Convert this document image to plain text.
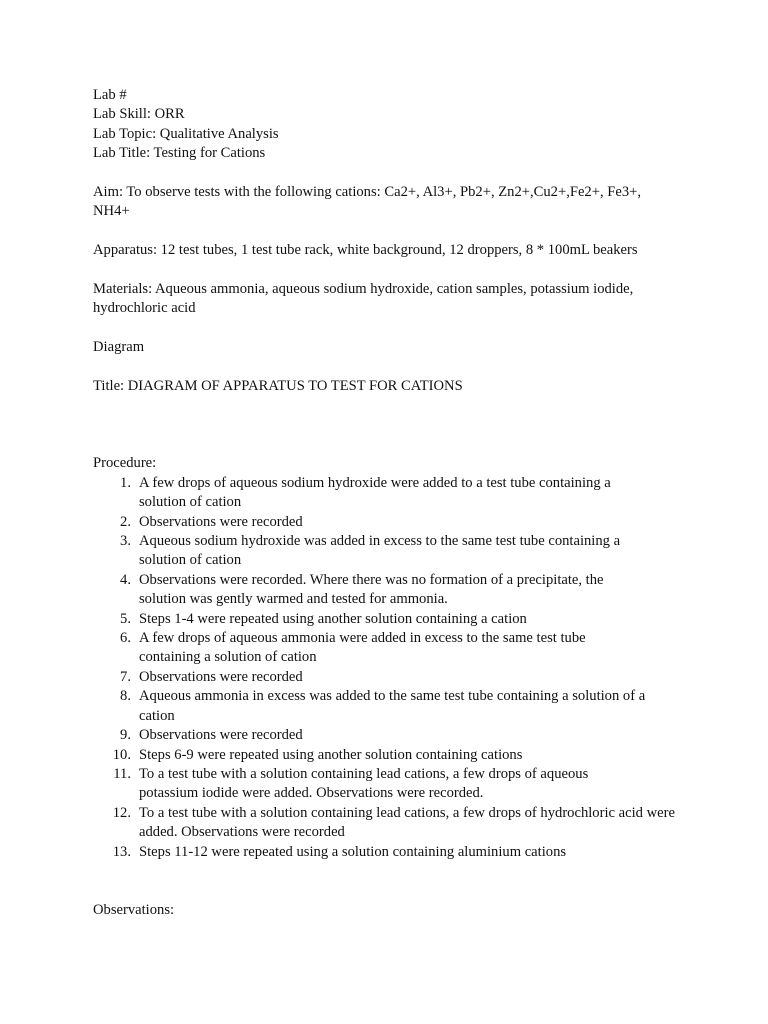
Lab #
Lab Skill: ORR
Lab Topic: Qualitative Analysis
Lab Title: Testing for Cations
Aim: To observe tests with the following cations: Ca2+, Al3+, Pb2+, Zn2+,Cu2+,Fe2+, Fe3+, NH4+
Apparatus: 12 test tubes, 1 test tube rack, white background, 12 droppers, 8 * 100mL beakers
Materials: Aqueous ammonia, aqueous sodium hydroxide, cation samples, potassium iodide, hydrochloric acid
Diagram
Title: DIAGRAM OF APPARATUS TO TEST FOR CATIONS
Procedure:
1. A few drops of aqueous sodium hydroxide were added to a test tube containing a solution of cation
2. Observations were recorded
3. Aqueous sodium hydroxide was added in excess to the same test tube containing a solution of cation
4. Observations were recorded. Where there was no formation of a precipitate, the solution was gently warmed and tested for ammonia.
5. Steps 1-4 were repeated using another solution containing a cation
6. A few drops of aqueous ammonia were added in excess to the same test tube containing a solution of cation
7. Observations were recorded
8. Aqueous ammonia in excess was added to the same test tube containing a solution of a cation
9. Observations were recorded
10. Steps 6-9 were repeated using another solution containing cations
11. To a test tube with a solution containing lead cations, a few drops of aqueous potassium iodide were added. Observations were recorded.
12. To a test tube with a solution containing lead cations, a few drops of hydrochloric acid were added. Observations were recorded
13. Steps 11-12 were repeated using a solution containing aluminium cations
Observations:
